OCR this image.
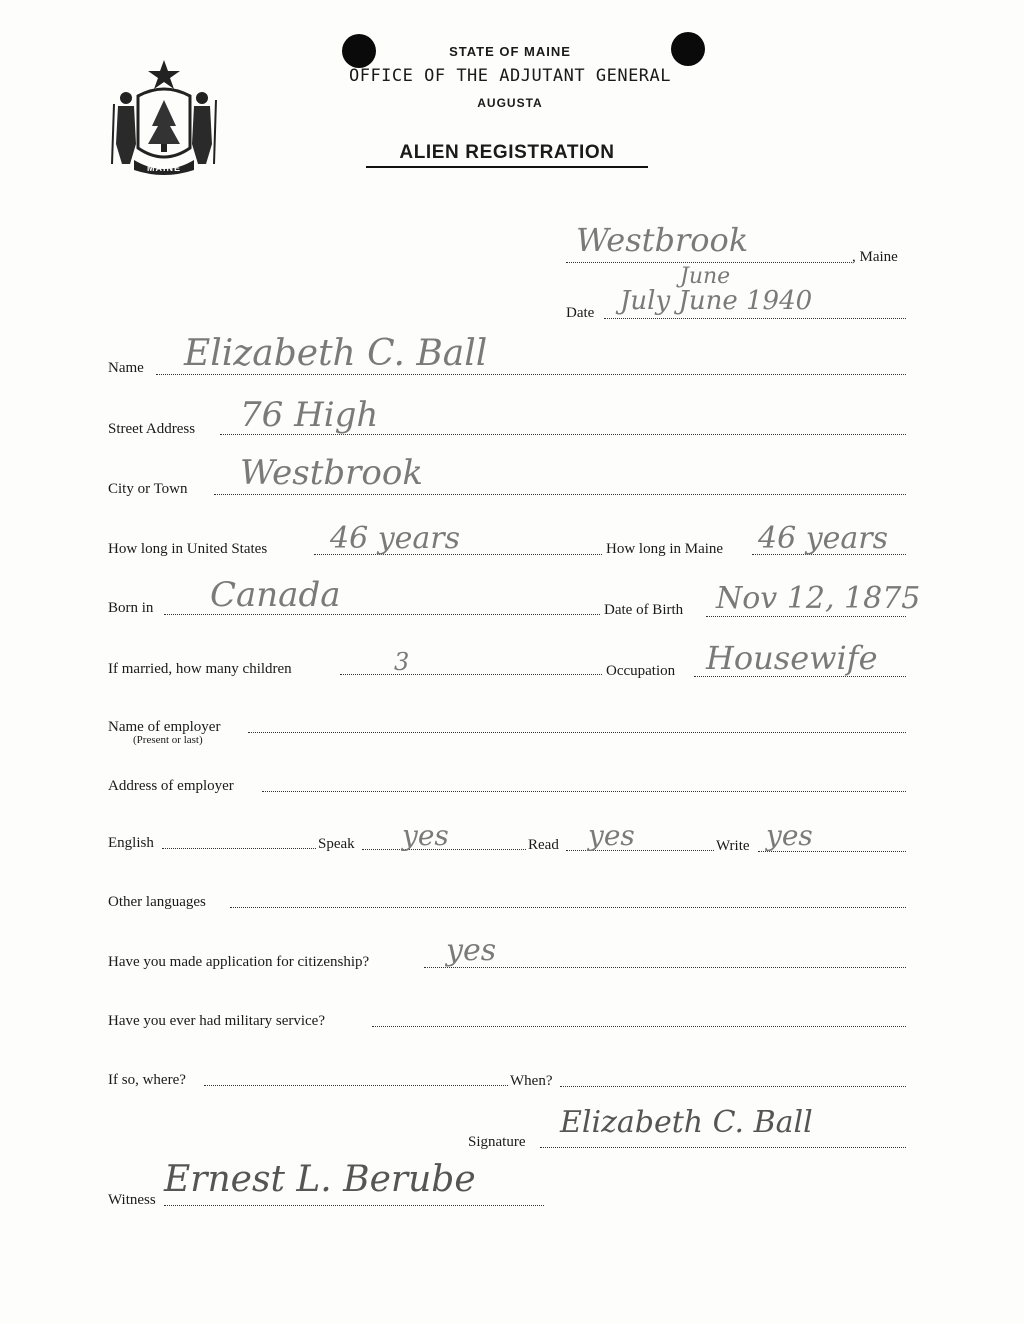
MAINE
STATE OF MAINE
OFFICE OF THE ADJUTANT GENERAL
AUGUSTA
ALIEN REGISTRATION
Westbrook	, Maine
Date
June
July June 1940
Name Elizabeth C. Ball
Street Address 76 High
City or Town Westbrook
How long in United States 46 years	How long in Maine 46 years
Born in Canada	Date of Birth Nov 12, 1875
If married, how many children	3	Occupation Housewife
Name of employer
(Present or last)
Address of employer
English	Speak yes	Read yes	Write yes
Other languages
Have you made application for citizenship?	yes
Have you ever had military service?
If so, where?	When?
Signature
Elizabeth C. Ball
Witness Ernest L. Berube
